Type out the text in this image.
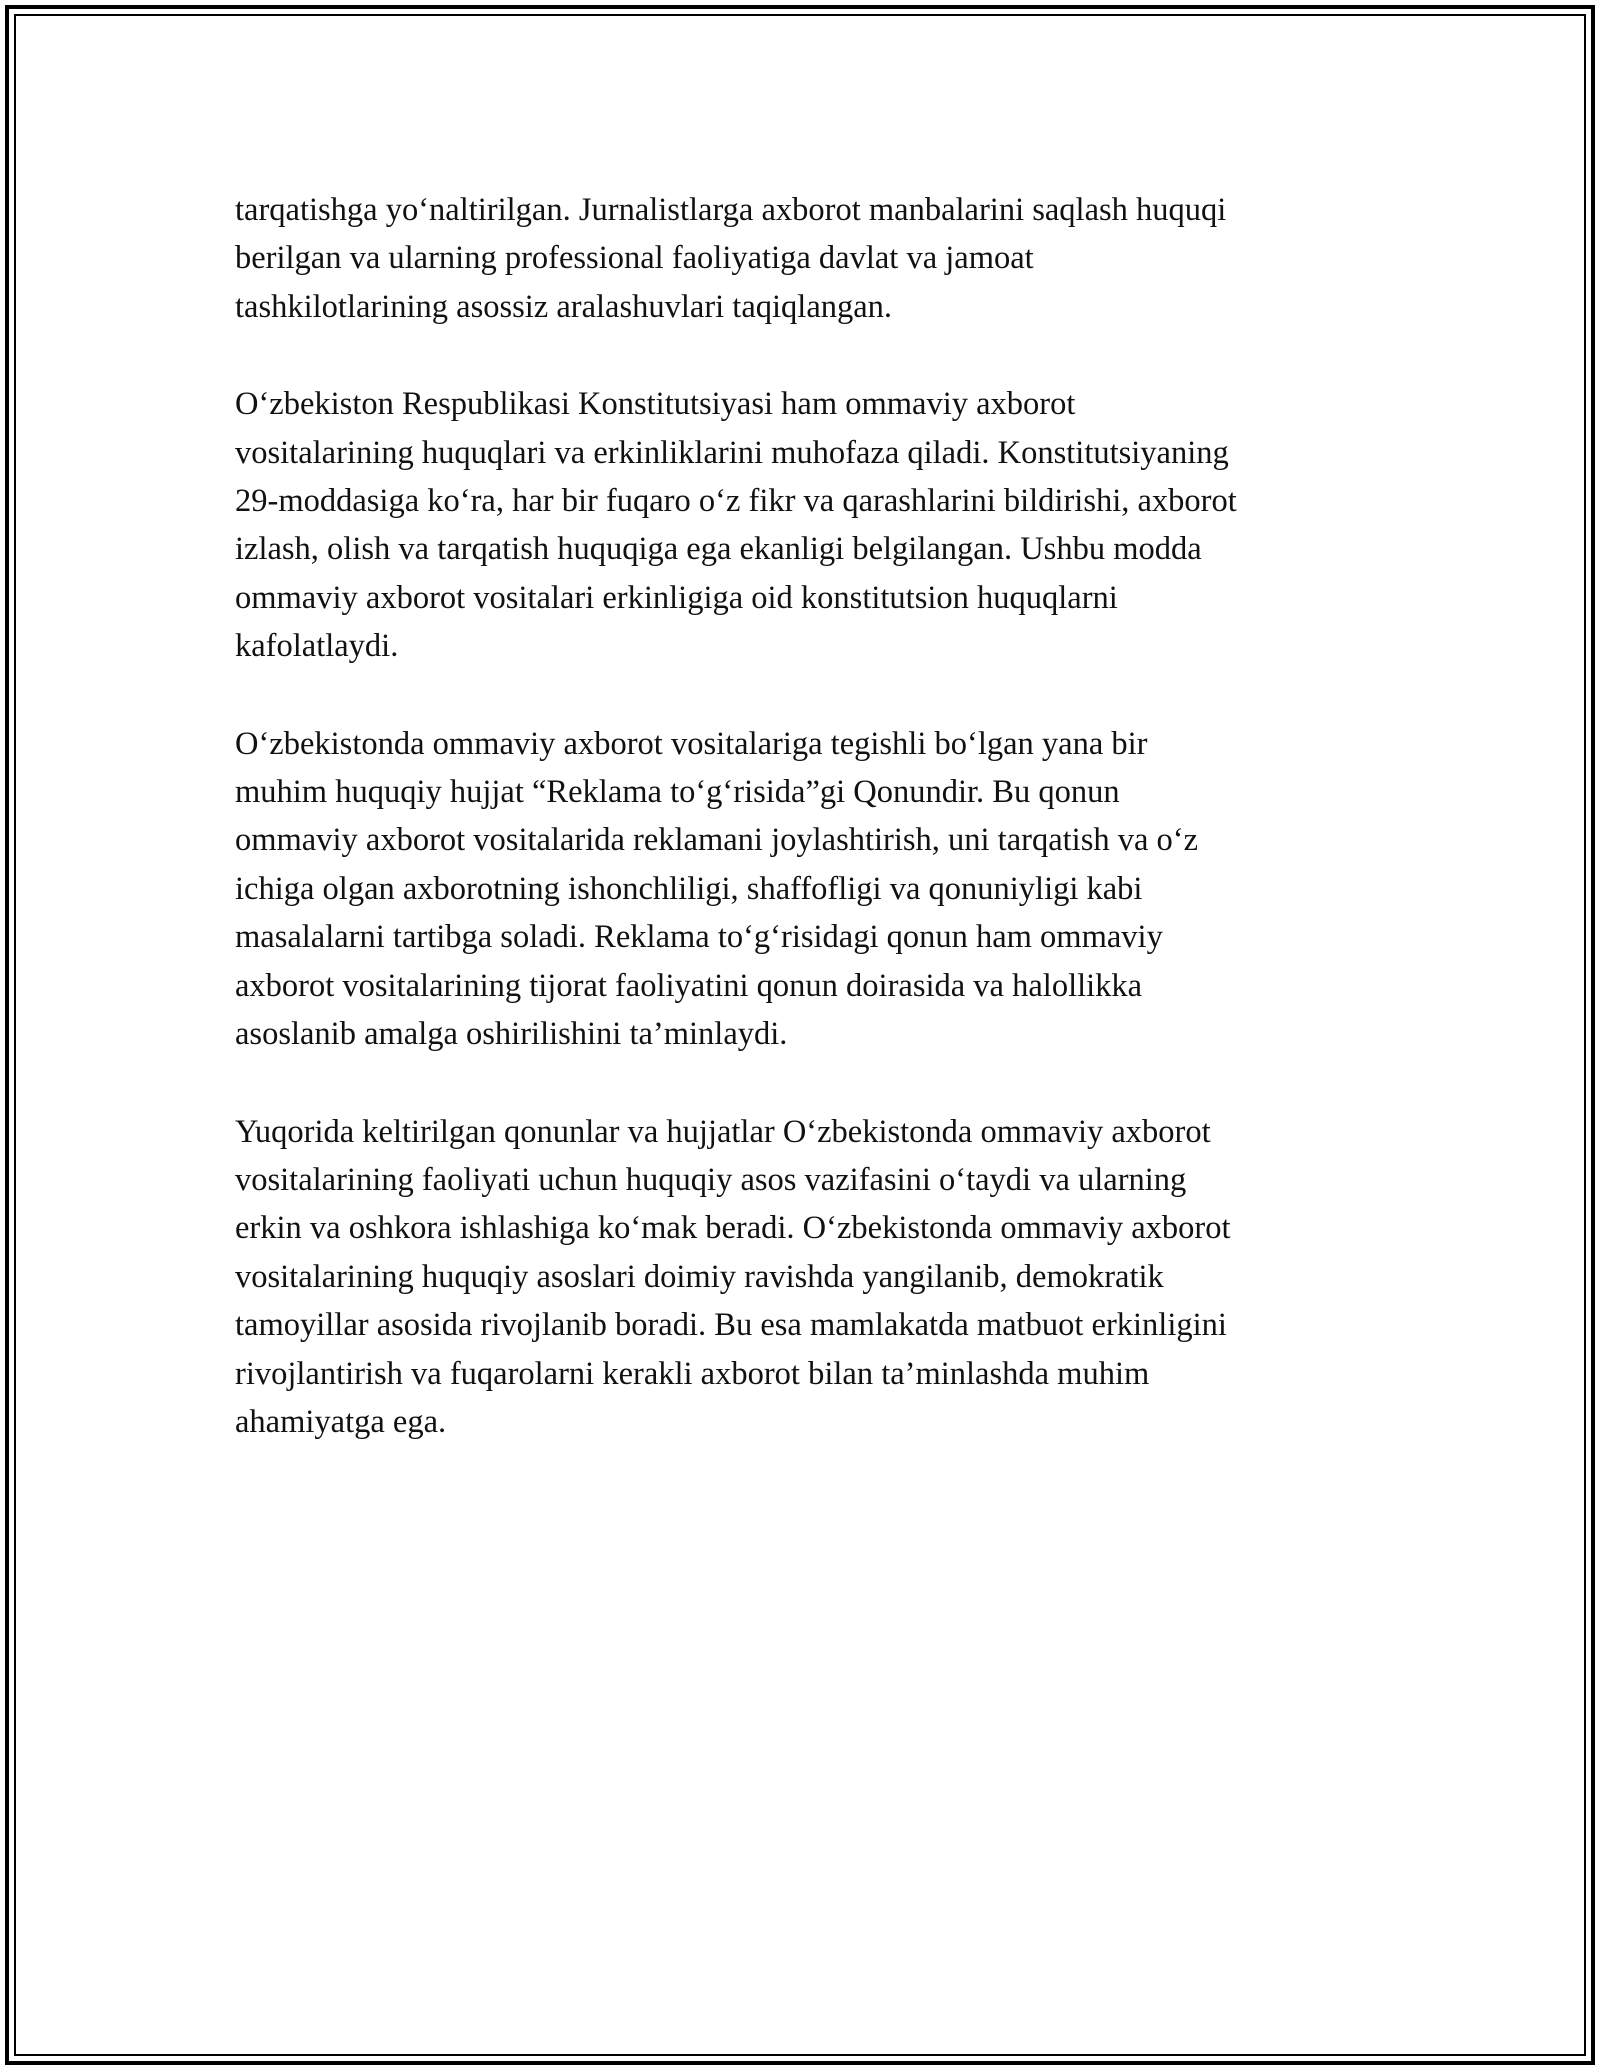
tarqatishga yoʻnaltirilgan. Jurnalistlarga axborot manbalarini saqlash huquqi
berilgan va ularning professional faoliyatiga davlat va jamoat
tashkilotlarining asossiz aralashuvlari taqiqlangan.

Oʻzbekiston Respublikasi Konstitutsiyasi ham ommaviy axborot
vositalarining huquqlari va erkinliklarini muhofaza qiladi. Konstitutsiyaning
29-moddasiga koʻra, har bir fuqaro oʻz fikr va qarashlarini bildirishi, axborot
izlash, olish va tarqatish huquqiga ega ekanligi belgilangan. Ushbu modda
ommaviy axborot vositalari erkinligiga oid konstitutsion huquqlarni
kafolatlaydi.

Oʻzbekistonda ommaviy axborot vositalariga tegishli boʻlgan yana bir
muhim huquqiy hujjat “Reklama toʻgʻrisida”gi Qonundir. Bu qonun
ommaviy axborot vositalarida reklamani joylashtirish, uni tarqatish va oʻz
ichiga olgan axborotning ishonchliligi, shaffofligi va qonuniyligi kabi
masalalarni tartibga soladi. Reklama toʻgʻrisidagi qonun ham ommaviy
axborot vositalarining tijorat faoliyatini qonun doirasida va halollikka
asoslanib amalga oshirilishini ta’minlaydi.

Yuqorida keltirilgan qonunlar va hujjatlar Oʻzbekistonda ommaviy axborot
vositalarining faoliyati uchun huquqiy asos vazifasini oʻtaydi va ularning
erkin va oshkora ishlashiga koʻmak beradi. Oʻzbekistonda ommaviy axborot
vositalarining huquqiy asoslari doimiy ravishda yangilanib, demokratik
tamoyillar asosida rivojlanib boradi. Bu esa mamlakatda matbuot erkinligini
rivojlantirish va fuqarolarni kerakli axborot bilan ta’minlashda muhim
ahamiyatga ega.
